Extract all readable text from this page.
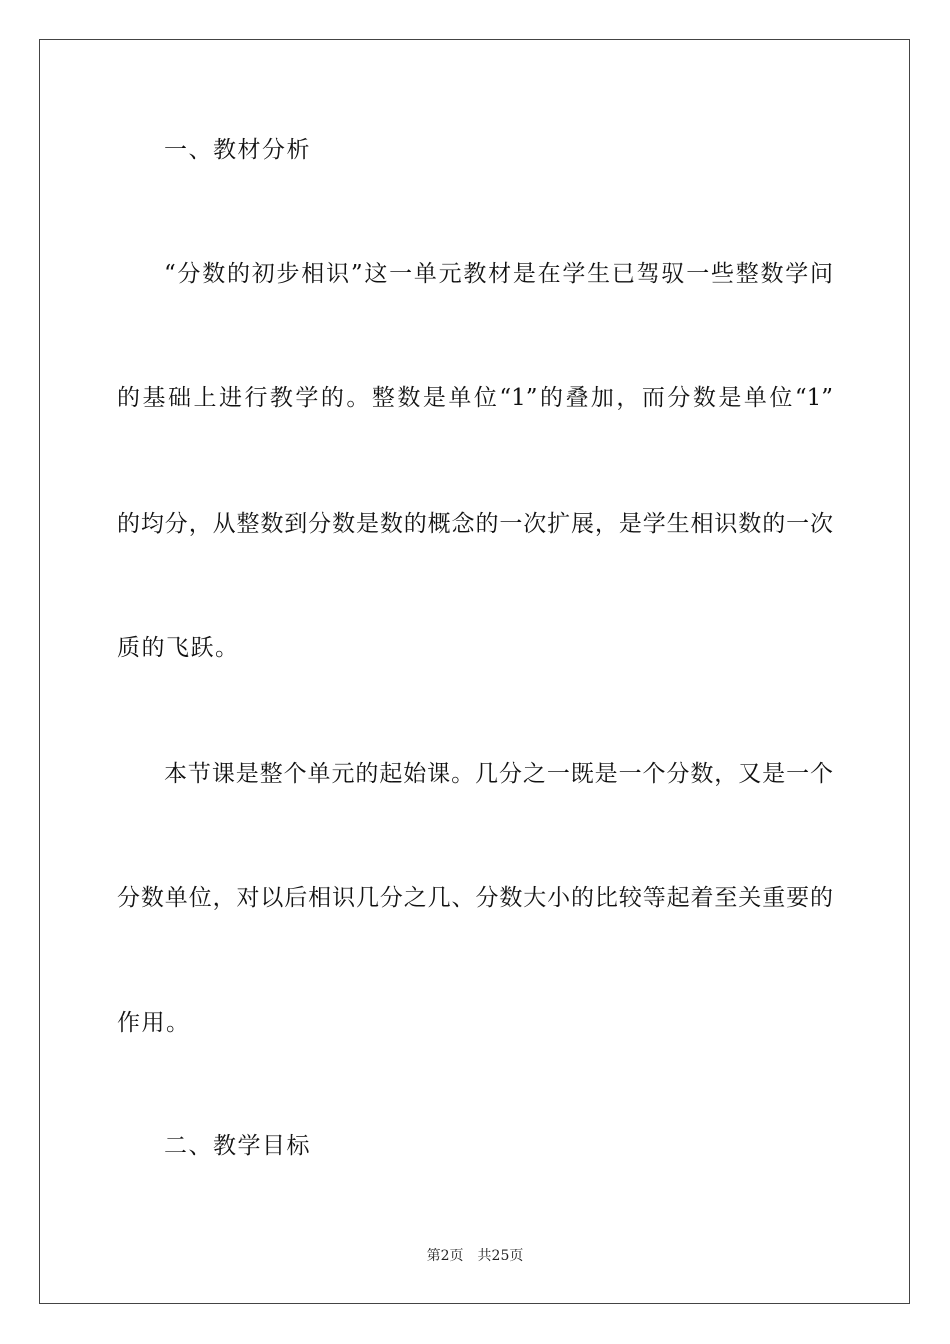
一、教材分析
“分数的初步相识”这一单元教材是在学生已驾驭一些整数学问
的基础上进行教学的。整数是单位“1”的叠加，而分数是单位“1”
的均分，从整数到分数是数的概念的一次扩展，是学生相识数的一次
质的飞跃。
本节课是整个单元的起始课。几分之一既是一个分数，又是一个
分数单位，对以后相识几分之几、分数大小的比较等起着至关重要的
作用。
二、教学目标
第2页 共25页
